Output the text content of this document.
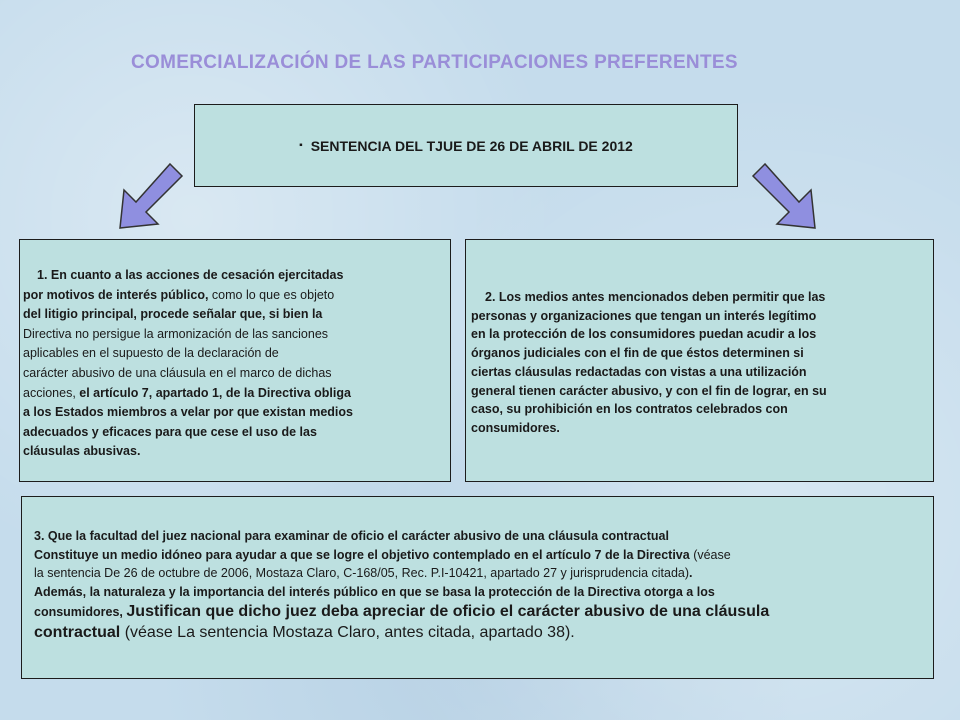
COMERCIALIZACIÓN DE LAS PARTICIPACIONES PREFERENTES
▪ SENTENCIA DEL TJUE DE 26 DE ABRIL DE 2012
1. En cuanto a las acciones de cesación ejercitadas
por motivos de interés público, como lo que es objeto
del litigio principal, procede señalar que, si bien la
Directiva no persigue la armonización de las sanciones
aplicables en el supuesto de la declaración de
carácter abusivo de una cláusula en el marco de dichas
acciones, el artículo 7, apartado 1, de la Directiva obliga
a los Estados miembros a velar por que existan medios
adecuados y eficaces para que cese el uso de las
cláusulas abusivas.
2. Los medios antes mencionados deben permitir que las
personas y organizaciones que tengan un interés legítimo
en la protección de los consumidores puedan acudir a los
órganos judiciales con el fin de que éstos determinen si
ciertas cláusulas redactadas con vistas a una utilización
general tienen carácter abusivo, y con el fin de lograr, en su
caso, su prohibición en los contratos celebrados con
consumidores.
3. Que la facultad del juez nacional para examinar de oficio el carácter abusivo de una cláusula contractual
Constituye un medio idóneo para ayudar a que se logre el objetivo contemplado en el artículo 7 de la Directiva (véase
la sentencia De 26 de octubre de 2006, Mostaza Claro, C-168/05, Rec. P.I-10421, apartado 27 y jurisprudencia citada).
Además, la naturaleza y la importancia del interés público en que se basa la protección de la Directiva otorga a los
consumidores, Justifican que dicho juez deba apreciar de oficio el carácter abusivo de una cláusula
contractual (véase La sentencia Mostaza Claro, antes citada, apartado 38).
